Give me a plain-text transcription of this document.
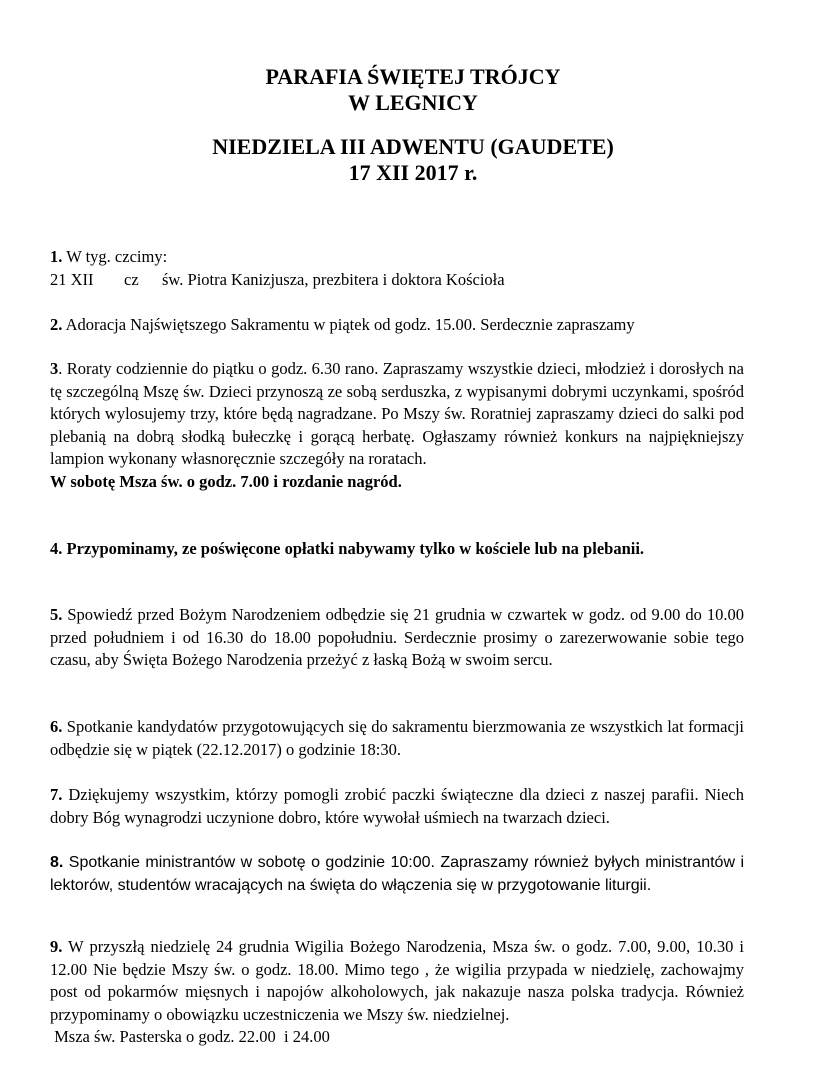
PARAFIA ŚWIĘTEJ TRÓJCY
W LEGNICY
NIEDZIELA III ADWENTU (GAUDETE)
17 XII 2017 r.
1. W tyg. czcimy:
21 XII cz św. Piotra Kanizjusza, prezbitera i doktora Kościoła
2. Adoracja Najświętszego Sakramentu w piątek od godz. 15.00. Serdecznie zapraszamy
3. Roraty codziennie do piątku o godz. 6.30 rano. Zapraszamy wszystkie dzieci, młodzież i dorosłych na tę szczególną Mszę św. Dzieci przynoszą ze sobą serduszka, z wypisanymi dobrymi uczynkami, spośród których wylosujemy trzy, które będą nagradzane. Po Mszy św. Roratniej zapraszamy dzieci do salki pod plebanią na dobrą słodką bułeczkę i gorącą herbatę. Ogłaszamy również konkurs na najpiękniejszy lampion wykonany własnoręcznie szczegóły na roratach.
W sobotę Msza św. o godz. 7.00 i rozdanie nagród.
4. Przypominamy, ze poświęcone opłatki nabywamy tylko w kościele lub na plebanii.
5. Spowiedź przed Bożym Narodzeniem odbędzie się 21 grudnia w czwartek w godz. od 9.00 do 10.00 przed południem i od 16.30 do 18.00 popołudniu. Serdecznie prosimy o zarezerwowanie sobie tego czasu, aby Święta Bożego Narodzenia przeżyć z łaską Bożą w swoim sercu.
6. Spotkanie kandydatów przygotowujących się do sakramentu bierzmowania ze wszystkich lat formacji odbędzie się w piątek (22.12.2017) o godzinie 18:30.
7. Dziękujemy wszystkim, którzy pomogli zrobić paczki świąteczne dla dzieci z naszej parafii. Niech dobry Bóg wynagrodzi uczynione dobro, które wywołał uśmiech na twarzach dzieci.
8. Spotkanie ministrantów w sobotę o godzinie 10:00. Zapraszamy również byłych ministrantów i lektorów, studentów wracających na święta do włączenia się w przygotowanie liturgii.
9. W przyszłą niedzielę 24 grudnia Wigilia Bożego Narodzenia, Msza św. o godz. 7.00, 9.00, 10.30 i 12.00 Nie będzie Mszy św. o godz. 18.00. Mimo tego , że wigilia przypada w niedzielę, zachowajmy post od pokarmów mięsnych i napojów alkoholowych, jak nakazuje nasza polska tradycja. Również przypominamy o obowiązku uczestniczenia we Mszy św. niedzielnej.
Msza św. Pasterska o godz. 22.00  i 24.00
